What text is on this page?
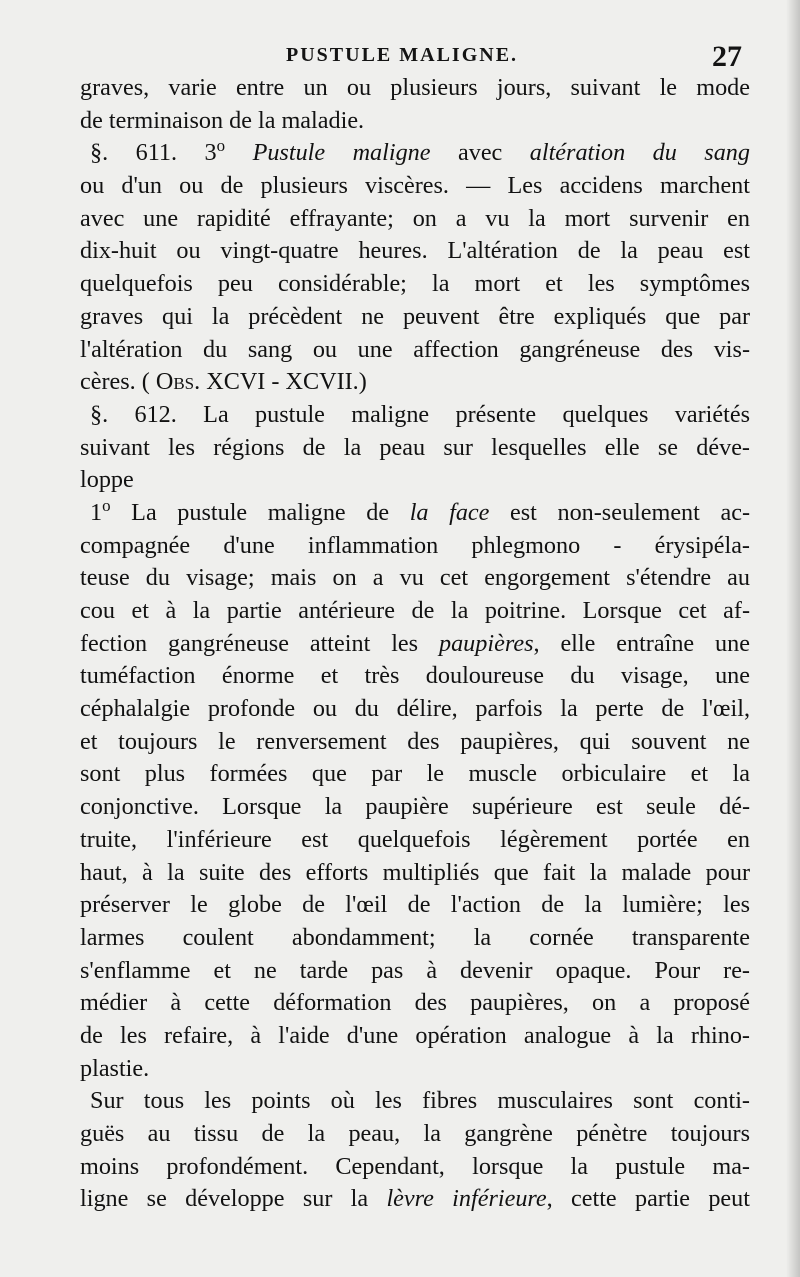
PUSTULE MALIGNE.	27
graves, varie entre un ou plusieurs jours, suivant le mode
de terminaison de la maladie.
§. 611. 3$^o$ Pustule maligne avec altération du sang
ou d'un ou de plusieurs viscères. — Les accidens marchent
avec une rapidité effrayante; on a vu la mort survenir en
dix-huit ou vingt-quatre heures. L'altération de la peau est
quelquefois peu considérable; la mort et les symptômes
graves qui la précèdent ne peuvent être expliqués que par
l'altération du sang ou une affection gangréneuse des vis-
cères. ( Obs. XCVI - XCVII.)
§. 612. La pustule maligne présente quelques variétés
suivant les régions de la peau sur lesquelles elle se déve-
loppe
1$^o$ La pustule maligne de la face est non-seulement ac-
compagnée d'une inflammation phlegmono - érysipéla-
teuse du visage; mais on a vu cet engorgement s'étendre au
cou et à la partie antérieure de la poitrine. Lorsque cet af-
fection gangréneuse atteint les paupières, elle entraîne une
tuméfaction énorme et très douloureuse du visage, une
céphalalgie profonde ou du délire, parfois la perte de l'œil,
et toujours le renversement des paupières, qui souvent ne
sont plus formées que par le muscle orbiculaire et la
conjonctive. Lorsque la paupière supérieure est seule dé-
truite, l'inférieure est quelquefois légèrement portée en
haut, à la suite des efforts multipliés que fait la malade pour
préserver le globe de l'œil de l'action de la lumière; les
larmes coulent abondamment; la cornée transparente
s'enflamme et ne tarde pas à devenir opaque. Pour re-
médier à cette déformation des paupières, on a proposé
de les refaire, à l'aide d'une opération analogue à la rhino-
plastie.
Sur tous les points où les fibres musculaires sont conti-
guës au tissu de la peau, la gangrène pénètre toujours
moins profondément. Cependant, lorsque la pustule ma-
ligne se développe sur la lèvre inférieure, cette partie peut
